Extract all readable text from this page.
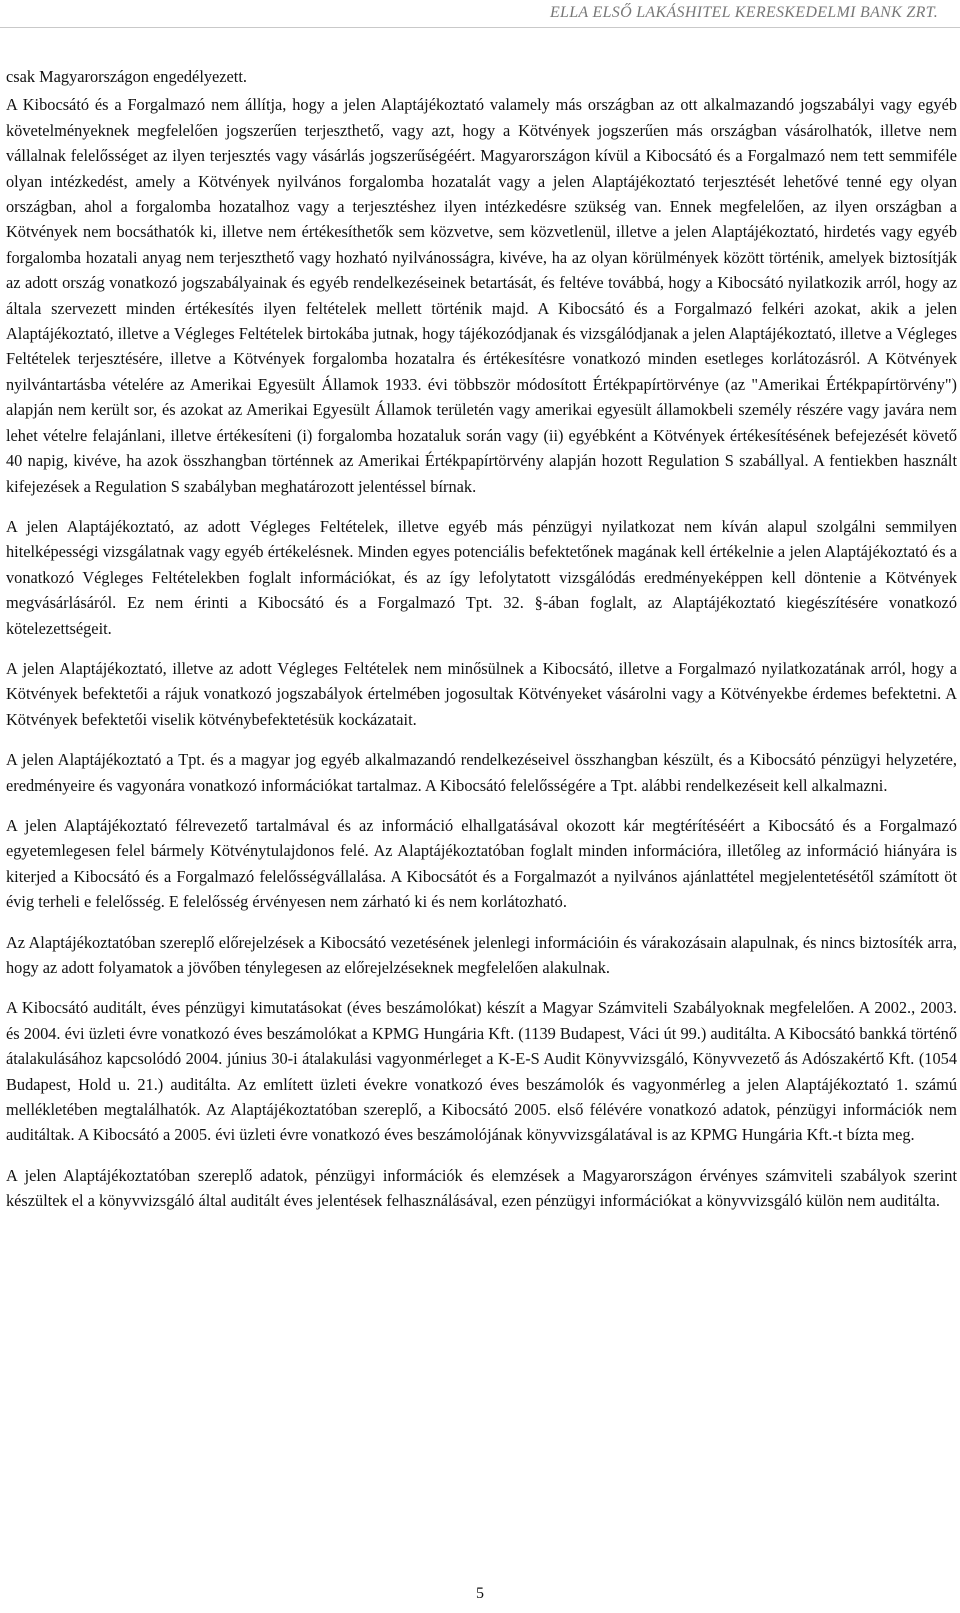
ELLA ELSŐ LAKÁSHITEL KERESKEDELMI BANK ZRT.

csak Magyarországon engedélyezett.

A Kibocsátó és a Forgalmazó nem állítja, hogy a jelen Alaptájékoztató valamely más országban az ott alkalmazandó jogszabályi vagy egyéb követelményeknek megfelelően jogszerűen terjeszthető, vagy azt, hogy a Kötvények jogszerűen más országban vásárolhatók, illetve nem vállalnak felelősséget az ilyen terjesztés vagy vásárlás jogszerűségéért. Magyarországon kívül a Kibocsátó és a Forgalmazó nem tett semmiféle olyan intézkedést, amely a Kötvények nyilvános forgalomba hozatalát vagy a jelen Alaptájékoztató terjesztését lehetővé tenné egy olyan országban, ahol a forgalomba hozatalhoz vagy a terjesztéshez ilyen intézkedésre szükség van. Ennek megfelelően, az ilyen országban a Kötvények nem bocsáthatók ki, illetve nem értékesíthetők sem közvetve, sem közvetlenül, illetve a jelen Alaptájékoztató, hirdetés vagy egyéb forgalomba hozatali anyag nem terjeszthető vagy hozható nyilvánosságra, kivéve, ha az olyan körülmények között történik, amelyek biztosítják az adott ország vonatkozó jogszabályainak és egyéb rendelkezéseinek betartását, és feltéve továbbá, hogy a Kibocsátó nyilatkozik arról, hogy az általa szervezett minden értékesítés ilyen feltételek mellett történik majd. A Kibocsátó és a Forgalmazó felkéri azokat, akik a jelen Alaptájékoztató, illetve a Végleges Feltételek birtokába jutnak, hogy tájékozódjanak és vizsgálódjanak a jelen Alaptájékoztató, illetve a Végleges Feltételek terjesztésére, illetve a Kötvények forgalomba hozatalra és értékesítésre vonatkozó minden esetleges korlátozásról. A Kötvények nyilvántartásba vételére az Amerikai Egyesült Államok 1933. évi többször módosított Értékpapírtörvénye (az "Amerikai Értékpapírtörvény") alapján nem került sor, és azokat az Amerikai Egyesült Államok területén vagy amerikai egyesült államokbeli személy részére vagy javára nem lehet vételre felajánlani, illetve értékesíteni (i) forgalomba hozataluk során vagy (ii) egyébként a Kötvények értékesítésének befejezését követő 40 napig, kivéve, ha azok összhangban történnek az Amerikai Értékpapírtörvény alapján hozott Regulation S szabállyal. A fentiekben használt kifejezések a Regulation S szabályban meghatározott jelentéssel bírnak.

A jelen Alaptájékoztató, az adott Végleges Feltételek, illetve egyéb más pénzügyi nyilatkozat nem kíván alapul szolgálni semmilyen hitelképességi vizsgálatnak vagy egyéb értékelésnek. Minden egyes potenciális befektetőnek magának kell értékelnie a jelen Alaptájékoztató és a vonatkozó Végleges Feltételekben foglalt információkat, és az így lefolytatott vizsgálódás eredményeképpen kell döntenie a Kötvények megvásárlásáról. Ez nem érinti a Kibocsátó és a Forgalmazó Tpt. 32. §-ában foglalt, az Alaptájékoztató kiegészítésére vonatkozó kötelezettségeit.

A jelen Alaptájékoztató, illetve az adott Végleges Feltételek nem minősülnek a Kibocsátó, illetve a Forgalmazó nyilatkozatának arról, hogy a Kötvények befektetői a rájuk vonatkozó jogszabályok értelmében jogosultak Kötvényeket vásárolni vagy a Kötvényekbe érdemes befektetni. A Kötvények befektetői viselik kötvénybefektetésük kockázatait.

A jelen Alaptájékoztató a Tpt. és a magyar jog egyéb alkalmazandó rendelkezéseivel összhangban készült, és a Kibocsátó pénzügyi helyzetére, eredményeire és vagyonára vonatkozó információkat tartalmaz. A Kibocsátó felelősségére a Tpt. alábbi rendelkezéseit kell alkalmazni.

A jelen Alaptájékoztató félrevezető tartalmával és az információ elhallgatásával okozott kár megtérítéséért a Kibocsátó és a Forgalmazó egyetemlegesen felel bármely Kötvénytulajdonos felé. Az Alaptájékoztatóban foglalt minden információra, illetőleg az információ hiányára is kiterjed a Kibocsátó és a Forgalmazó felelősségvállalása. A Kibocsátót és a Forgalmazót a nyilvános ajánlattétel megjelentetésétől számított öt évig terheli e felelősség. E felelősség érvényesen nem zárható ki és nem korlátozható.

Az Alaptájékoztatóban szereplő előrejelzések a Kibocsátó vezetésének jelenlegi információin és várakozásain alapulnak, és nincs biztosíték arra, hogy az adott folyamatok a jövőben ténylegesen az előrejelzéseknek megfelelően alakulnak.

A Kibocsátó auditált, éves pénzügyi kimutatásokat (éves beszámolókat) készít a Magyar Számviteli Szabályoknak megfelelően. A 2002., 2003. és 2004. évi üzleti évre vonatkozó éves beszámolókat a KPMG Hungária Kft. (1139 Budapest, Váci út 99.) auditálta. A Kibocsátó bankká történő átalakulásához kapcsolódó 2004. június 30-i átalakulási vagyonmérleget a K-E-S Audit Könyvvizsgáló, Könyvvezető ás Adószakértő Kft. (1054 Budapest, Hold u. 21.) auditálta. Az említett üzleti évekre vonatkozó éves beszámolók és vagyonmérleg a jelen Alaptájékoztató 1. számú mellékletében megtalálhatók. Az Alaptájékoztatóban szereplő, a Kibocsátó 2005. első félévére vonatkozó adatok, pénzügyi információk nem auditáltak. A Kibocsátó a 2005. évi üzleti évre vonatkozó éves beszámolójának könyvvizsgálatával is az KPMG Hungária Kft.-t bízta meg.

A jelen Alaptájékoztatóban szereplő adatok, pénzügyi információk és elemzések a Magyarországon érvényes számviteli szabályok szerint készültek el a könyvvizsgáló által auditált éves jelentések felhasználásával, ezen pénzügyi információkat a könyvvizsgáló külön nem auditálta.

5
